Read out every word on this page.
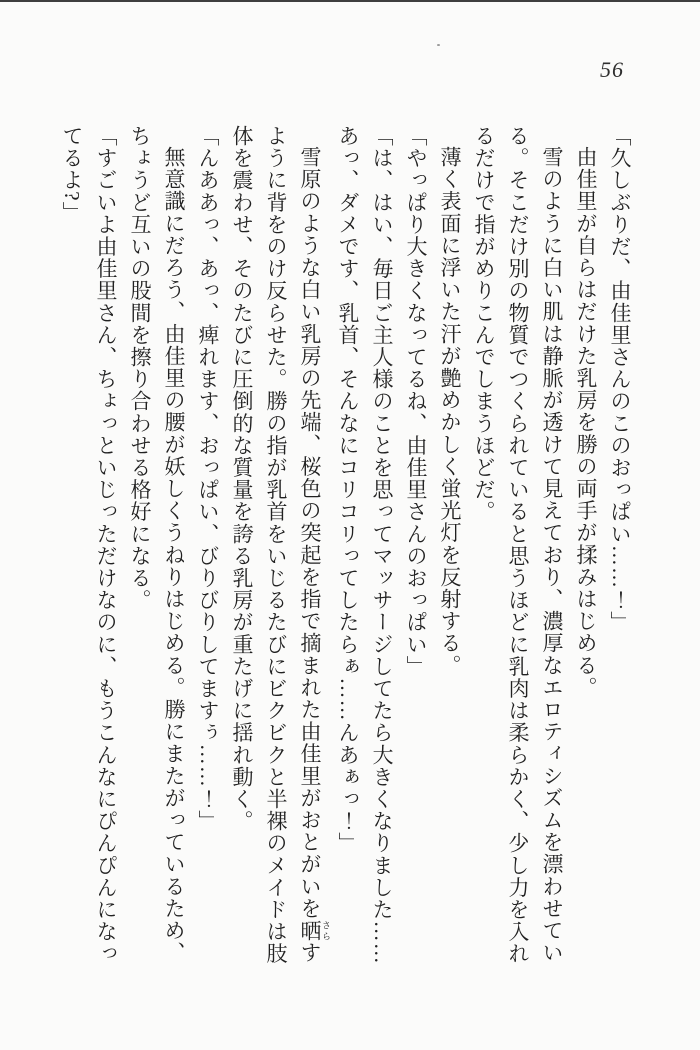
56

「久しぶりだ、由佳里さんのこのおっぱい……！」

由佳里が自らはだけた乳房を勝の両手が揉みはじめる。

雪のように白い肌は静脈が透けて見えており、濃厚なエロティシズムを漂わせている。そこだけ別の物質でつくられていると思うほどに乳肉は柔らかく、少し力を入れるだけで指がめりこんでしまうほどだ。

薄く表面に浮いた汗が艶めかしく蛍光灯を反射する。

「やっぱり大きくなってるね、由佳里さんのおっぱい」

「は、はい、毎日ご主人様のことを思ってマッサージしてたら大きくなりました……あっ、ダメです、乳首、そんなにコリコリってしたらぁ……んあぁっ！」

雪原のような白い乳房の先端、桜色の突起を指で摘まれた由佳里がおとがいを晒 さらすように背をのけ反らせた。勝の指が乳首をいじるたびにビクビクと半裸のメイドは肢体を震わせ、そのたびに圧倒的な質量を誇る乳房が重たげに揺れ動く。

「んああっ、あっ、痺れます、おっぱい、びりびりしてますぅ……！」

無意識にだろう、由佳里の腰が妖しくうねりはじめる。勝にまたがっているため、ちょうど互いの股間を擦り合わせる格好になる。

「すごいよ由佳里さん、ちょっといじっただけなのに、もうこんなにぴんぴんになってるよ?」
